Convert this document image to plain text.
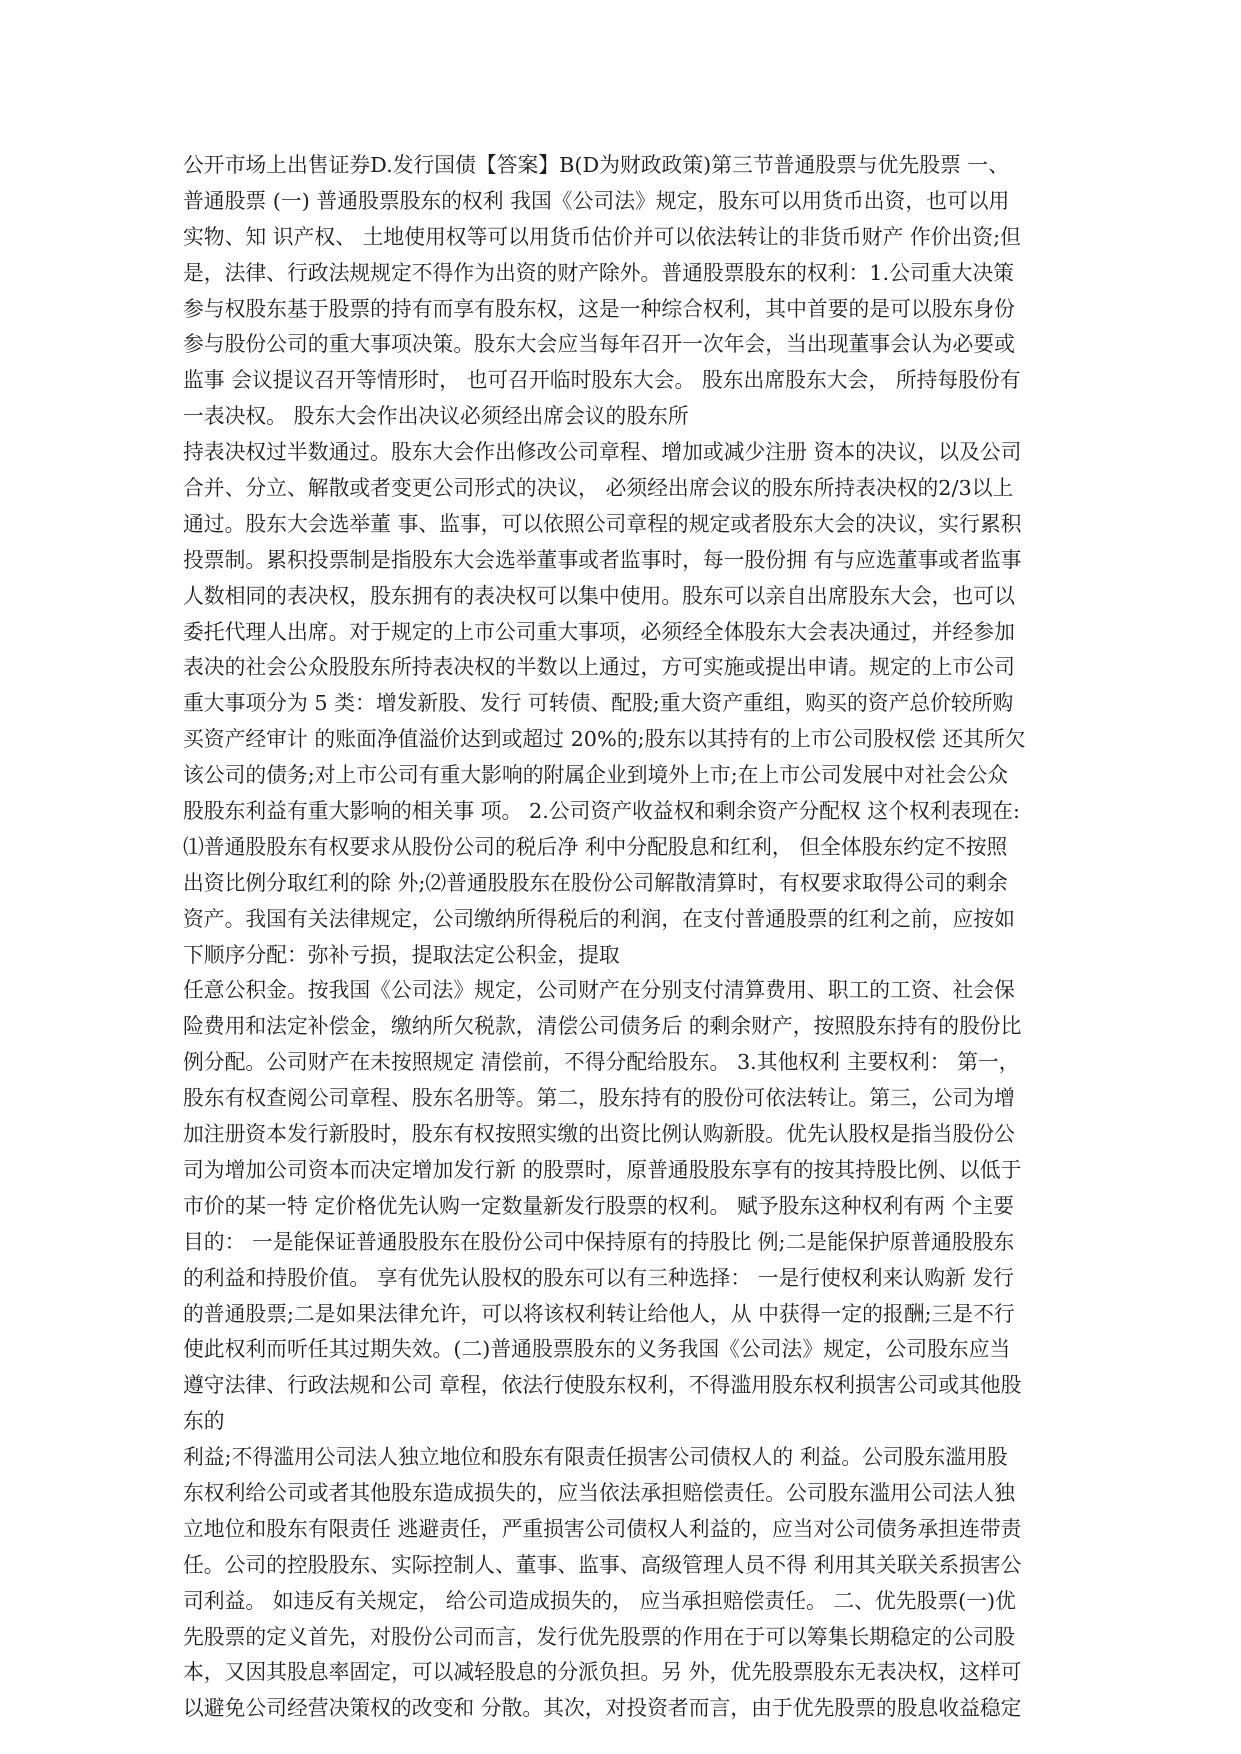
公开市场上出售证券D.发行国债【答案】B(D为财政政策)第三节普通股票与优先股票 一、
普通股票 (一) 普通股票股东的权利 我国《公司法》规定，股东可以用货币出资，也可以用
实物、知 识产权、 土地使用权等可以用货币估价并可以依法转让的非货币财产 作价出资;但
是，法律、行政法规规定不得作为出资的财产除外。普通股票股东的权利：1.公司重大决策
参与权股东基于股票的持有而享有股东权，这是一种综合权利，其中首要的是可以股东身份
参与股份公司的重大事项决策。股东大会应当每年召开一次年会，当出现董事会认为必要或
监事 会议提议召开等情形时， 也可召开临时股东大会。 股东出席股东大会， 所持每股份有
一表决权。 股东大会作出决议必须经出席会议的股东所
持表决权过半数通过。股东大会作出修改公司章程、增加或减少注册 资本的决议，以及公司
合并、分立、解散或者变更公司形式的决议， 必须经出席会议的股东所持表决权的2/3以上
通过。股东大会选举董 事、监事，可以依照公司章程的规定或者股东大会的决议，实行累积
投票制。累积投票制是指股东大会选举董事或者监事时，每一股份拥 有与应选董事或者监事
人数相同的表决权，股东拥有的表决权可以集中使用。股东可以亲自出席股东大会，也可以
委托代理人出席。对于规定的上市公司重大事项，必须经全体股东大会表决通过，并经参加
表决的社会公众股股东所持表决权的半数以上通过，方可实施或提出申请。规定的上市公司
重大事项分为 5 类：增发新股、发行 可转债、配股;重大资产重组，购买的资产总价较所购
买资产经审计 的账面净值溢价达到或超过 20%的;股东以其持有的上市公司股权偿 还其所欠
该公司的债务;对上市公司有重大影响的附属企业到境外上市;在上市公司发展中对社会公众
股股东利益有重大影响的相关事 项。 2.公司资产收益权和剩余资产分配权 这个权利表现在:
⑴普通股股东有权要求从股份公司的税后净 利中分配股息和红利， 但全体股东约定不按照
出资比例分取红利的除 外;⑵普通股股东在股份公司解散清算时，有权要求取得公司的剩余
资产。我国有关法律规定，公司缴纳所得税后的利润，在支付普通股票的红利之前，应按如
下顺序分配：弥补亏损，提取法定公积金，提取
任意公积金。按我国《公司法》规定，公司财产在分别支付清算费用、职工的工资、社会保
险费用和法定补偿金，缴纳所欠税款，清偿公司债务后 的剩余财产，按照股东持有的股份比
例分配。公司财产在未按照规定 清偿前，不得分配给股东。 3.其他权利 主要权利： 第一，
股东有权查阅公司章程、股东名册等。第二，股东持有的股份可依法转让。第三，公司为增
加注册资本发行新股时，股东有权按照实缴的出资比例认购新股。优先认股权是指当股份公
司为增加公司资本而决定增加发行新 的股票时，原普通股股东享有的按其持股比例、以低于
市价的某一特 定价格优先认购一定数量新发行股票的权利。 赋予股东这种权利有两 个主要
目的： 一是能保证普通股股东在股份公司中保持原有的持股比 例;二是能保护原普通股股东
的利益和持股价值。 享有优先认股权的股东可以有三种选择： 一是行使权利来认购新 发行
的普通股票;二是如果法律允许，可以将该权利转让给他人，从 中获得一定的报酬;三是不行
使此权利而听任其过期失效。(二)普通股票股东的义务我国《公司法》规定，公司股东应当
遵守法律、行政法规和公司 章程，依法行使股东权利，不得滥用股东权利损害公司或其他股
东的
利益;不得滥用公司法人独立地位和股东有限责任损害公司债权人的 利益。公司股东滥用股
东权利给公司或者其他股东造成损失的，应当依法承担赔偿责任。公司股东滥用公司法人独
立地位和股东有限责任 逃避责任，严重损害公司债权人利益的，应当对公司债务承担连带责
任。公司的控股股东、实际控制人、董事、监事、高级管理人员不得 利用其关联关系损害公
司利益。 如违反有关规定， 给公司造成损失的， 应当承担赔偿责任。 二、优先股票(一)优
先股票的定义首先，对股份公司而言，发行优先股票的作用在于可以筹集长期稳定的公司股
本，又因其股息率固定，可以减轻股息的分派负担。另 外，优先股票股东无表决权，这样可
以避免公司经营决策权的改变和 分散。其次，对投资者而言，由于优先股票的股息收益稳定
